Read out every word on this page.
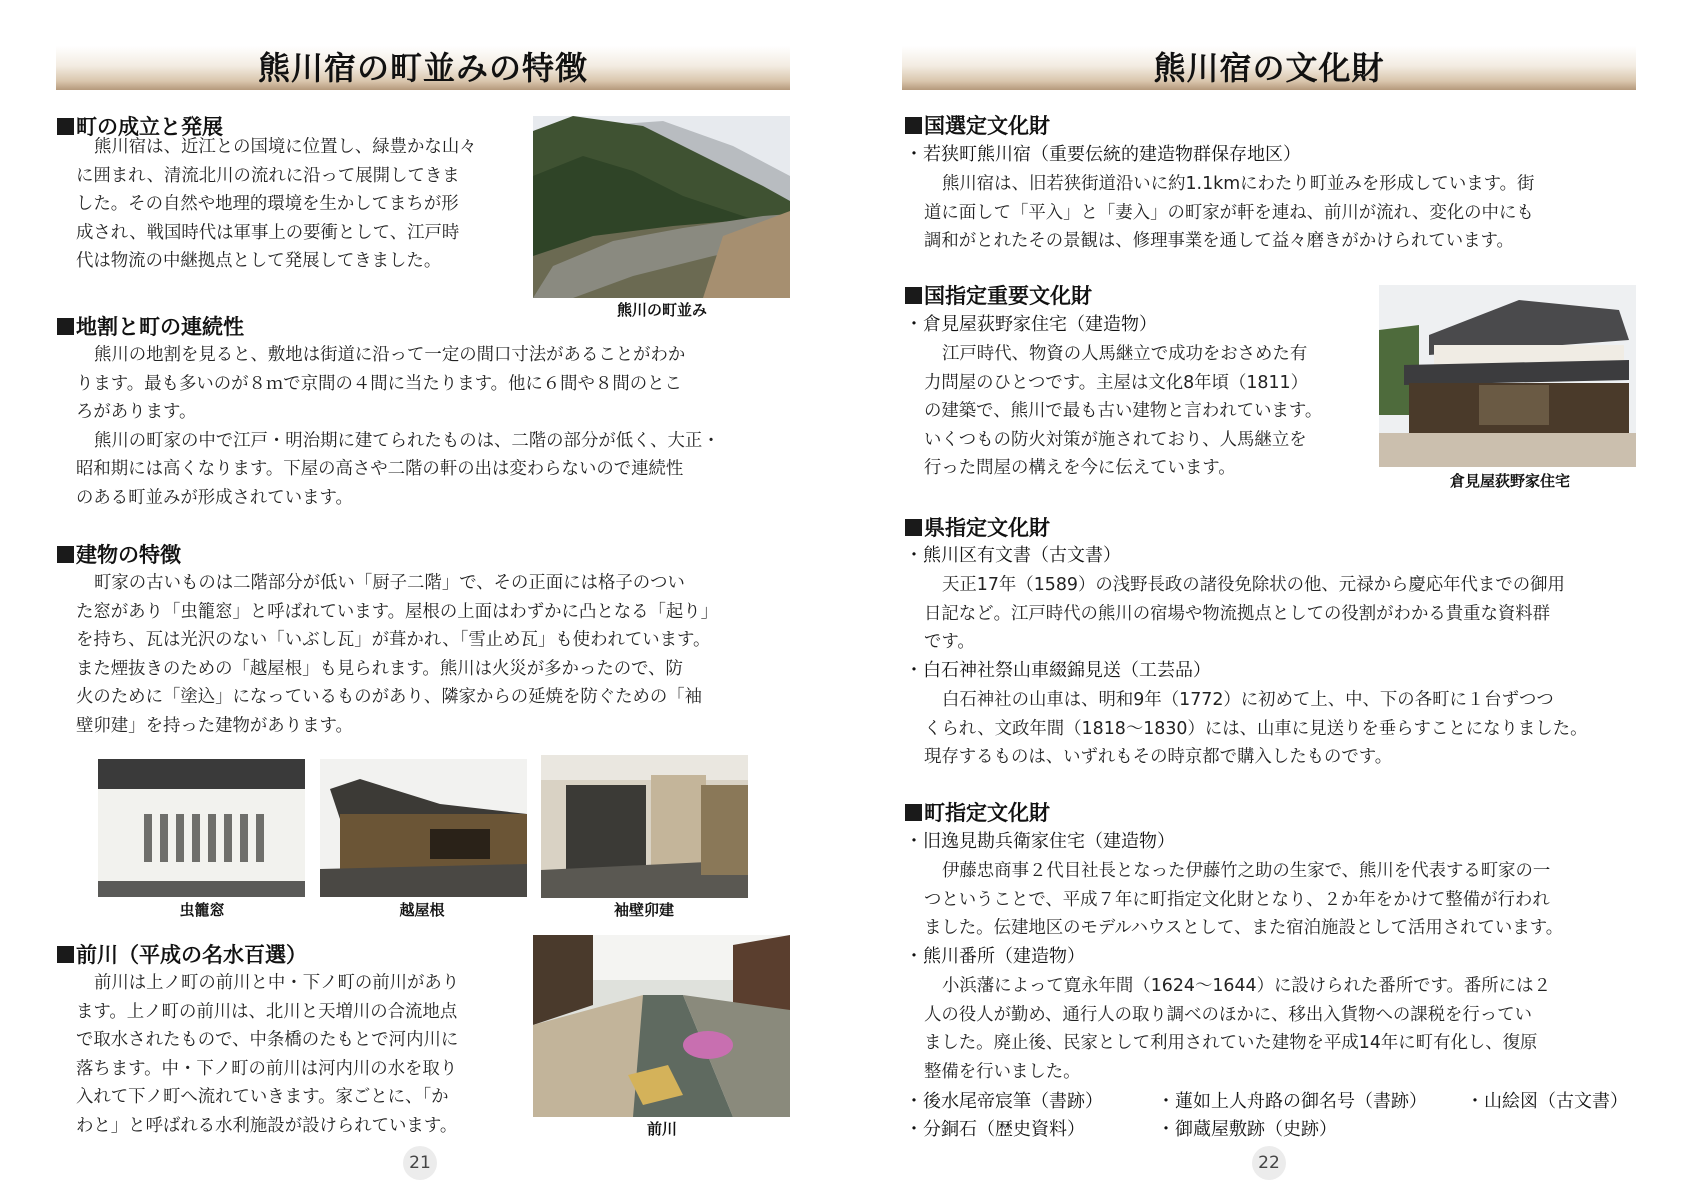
熊川宿の町並みの特徴
町の成立と発展
熊川宿は、近江との国境に位置し、緑豊かな山々
に囲まれ、清流北川の流れに沿って展開してきま
した。その自然や地理的環境を生かしてまちが形
成され、戦国時代は軍事上の要衝として、江戸時
代は物流の中継拠点として発展してきました。
熊川の町並み
地割と町の連続性
熊川の地割を見ると、敷地は街道に沿って一定の間口寸法があることがわか
ります。最も多いのが８ｍで京間の４間に当たります。他に６間や８間のとこ
ろがあります。
熊川の町家の中で江戸・明治期に建てられたものは、二階の部分が低く、大正・
昭和期には高くなります。下屋の高さや二階の軒の出は変わらないので連続性
のある町並みが形成されています。
建物の特徴
町家の古いものは二階部分が低い「厨子二階」で、その正面には格子のつい
た窓があり「虫籠窓」と呼ばれています。屋根の上面はわずかに凸となる「起り」
を持ち、瓦は光沢のない「いぶし瓦」が葺かれ、「雪止め瓦」も使われています。
また煙抜きのための「越屋根」も見られます。熊川は火災が多かったので、防
火のために「塗込」になっているものがあり、隣家からの延焼を防ぐための「袖
壁卯建」を持った建物があります。
虫籠窓	越屋根	袖壁卯建
前川（平成の名水百選）
前川は上ノ町の前川と中・下ノ町の前川があり
ます。上ノ町の前川は、北川と天増川の合流地点
で取水されたもので、中条橋のたもとで河内川に
落ちます。中・下ノ町の前川は河内川の水を取り
入れて下ノ町へ流れていきます。家ごとに、「か
わと」と呼ばれる水利施設が設けられています。	前川
21
熊川宿の文化財
国選定文化財
・若狭町熊川宿（重要伝統的建造物群保存地区）
熊川宿は、旧若狭街道沿いに約1.1kmにわたり町並みを形成しています。街
道に面して「平入」と「妻入」の町家が軒を連ね、前川が流れ、変化の中にも
調和がとれたその景観は、修理事業を通して益々磨きがかけられています。
国指定重要文化財
・倉見屋荻野家住宅（建造物）
江戸時代、物資の人馬継立で成功をおさめた有
力問屋のひとつです。主屋は文化8年頃（1811）
の建築で、熊川で最も古い建物と言われています。
いくつもの防火対策が施されており、人馬継立を
行った問屋の構えを今に伝えています。
倉見屋荻野家住宅
県指定文化財
・熊川区有文書（古文書）
天正17年（1589）の浅野長政の諸役免除状の他、元禄から慶応年代までの御用
日記など。江戸時代の熊川の宿場や物流拠点としての役割がわかる貴重な資料群
です。
・白石神社祭山車綴錦見送（工芸品）
白石神社の山車は、明和9年（1772）に初めて上、中、下の各町に１台ずつつ
くられ、文政年間（1818〜1830）には、山車に見送りを垂らすことになりました。
現存するものは、いずれもその時京都で購入したものです。
町指定文化財
・旧逸見勘兵衛家住宅（建造物）
伊藤忠商事２代目社長となった伊藤竹之助の生家で、熊川を代表する町家の一
つということで、平成７年に町指定文化財となり、２か年をかけて整備が行われ
ました。伝建地区のモデルハウスとして、また宿泊施設として活用されています。
・熊川番所（建造物）
小浜藩によって寛永年間（1624〜1644）に設けられた番所です。番所には２
人の役人が勤め、通行人の取り調べのほかに、移出入貨物への課税を行ってい
ました。廃止後、民家として利用されていた建物を平成14年に町有化し、復原
整備を行いました。
・後水尾帝宸筆（書跡）	・蓮如上人舟路の御名号（書跡） ・山絵図（古文書）
・分銅石（歴史資料）	・御蔵屋敷跡（史跡）
22
